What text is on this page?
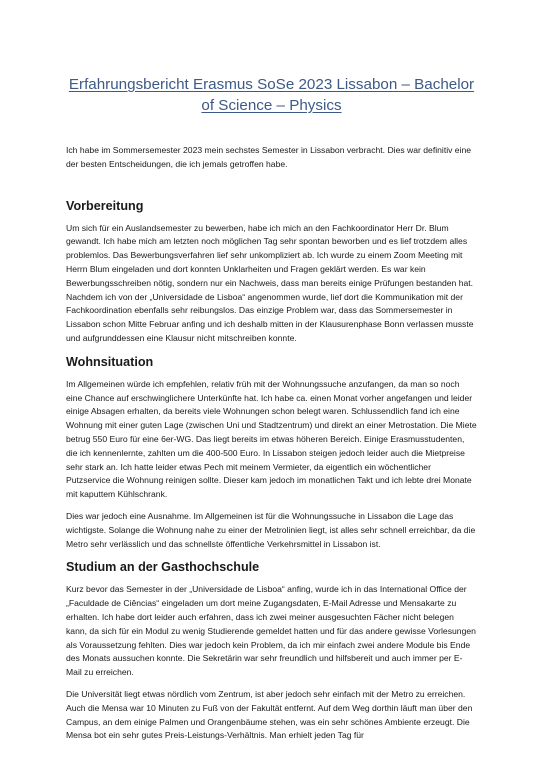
Erfahrungsbericht Erasmus SoSe 2023 Lissabon – Bachelor of Science – Physics

Ich habe im Sommersemester 2023 mein sechstes Semester in Lissabon verbracht. Dies war definitiv eine der besten Entscheidungen, die ich jemals getroffen habe.

Vorbereitung

Um sich für ein Auslandsemester zu bewerben, habe ich mich an den Fachkoordinator Herr Dr. Blum gewandt. Ich habe mich am letzten noch möglichen Tag sehr spontan beworben und es lief trotzdem alles problemlos. Das Bewerbungsverfahren lief sehr unkompliziert ab. Ich wurde zu einem Zoom Meeting mit Herrn Blum eingeladen und dort konnten Unklarheiten und Fragen geklärt werden. Es war kein Bewerbungsschreiben nötig, sondern nur ein Nachweis, dass man bereits einige Prüfungen bestanden hat. Nachdem ich von der „Universidade de Lisboa“ angenommen wurde, lief dort die Kommunikation mit der Fachkoordination ebenfalls sehr reibungslos. Das einzige Problem war, dass das Sommersemester in Lissabon schon Mitte Februar anfing und ich deshalb mitten in der Klausurenphase Bonn verlassen musste und aufgrunddessen eine Klausur nicht mitschreiben konnte.

Wohnsituation

Im Allgemeinen würde ich empfehlen, relativ früh mit der Wohnungssuche anzufangen, da man so noch eine Chance auf erschwinglichere Unterkünfte hat. Ich habe ca. einen Monat vorher angefangen und leider einige Absagen erhalten, da bereits viele Wohnungen schon belegt waren. Schlussendlich fand ich eine Wohnung mit einer guten Lage (zwischen Uni und Stadtzentrum) und direkt an einer Metrostation. Die Miete betrug 550 Euro für eine 6er-WG. Das liegt bereits im etwas höheren Bereich. Einige Erasmusstudenten, die ich kennenlernte, zahlten um die 400-500 Euro. In Lissabon steigen jedoch leider auch die Mietpreise sehr stark an. Ich hatte leider etwas Pech mit meinem Vermieter, da eigentlich ein wöchentlicher Putzservice die Wohnung reinigen sollte. Dieser kam jedoch im monatlichen Takt und ich lebte drei Monate mit kaputtem Kühlschrank.

Dies war jedoch eine Ausnahme. Im Allgemeinen ist für die Wohnungssuche in Lissabon die Lage das wichtigste. Solange die Wohnung nahe zu einer der Metrolinien liegt, ist alles sehr schnell erreichbar, da die Metro sehr verlässlich und das schnellste öffentliche Verkehrsmittel in Lissabon ist.

Studium an der Gasthochschule

Kurz bevor das Semester in der „Universidade de Lisboa“ anfing, wurde ich in das International Office der „Faculdade de Ciências“ eingeladen um dort meine Zugangsdaten, E-Mail Adresse und Mensakarte zu erhalten. Ich habe dort leider auch erfahren, dass ich zwei meiner ausgesuchten Fächer nicht belegen kann, da sich für ein Modul zu wenig Studierende gemeldet hatten und für das andere gewisse Vorlesungen als Voraussetzung fehlten. Dies war jedoch kein Problem, da ich mir einfach zwei andere Module bis Ende des Monats aussuchen konnte. Die Sekretärin war sehr freundlich und hilfsbereit und auch immer per E-Mail zu erreichen.

Die Universität liegt etwas nördlich vom Zentrum, ist aber jedoch sehr einfach mit der Metro zu erreichen. Auch die Mensa war 10 Minuten zu Fuß von der Fakultät entfernt. Auf dem Weg dorthin läuft man über den Campus, an dem einige Palmen und Orangenbäume stehen, was ein sehr schönes Ambiente erzeugt. Die Mensa bot ein sehr gutes Preis-Leistungs-Verhältnis. Man erhielt jeden Tag für
